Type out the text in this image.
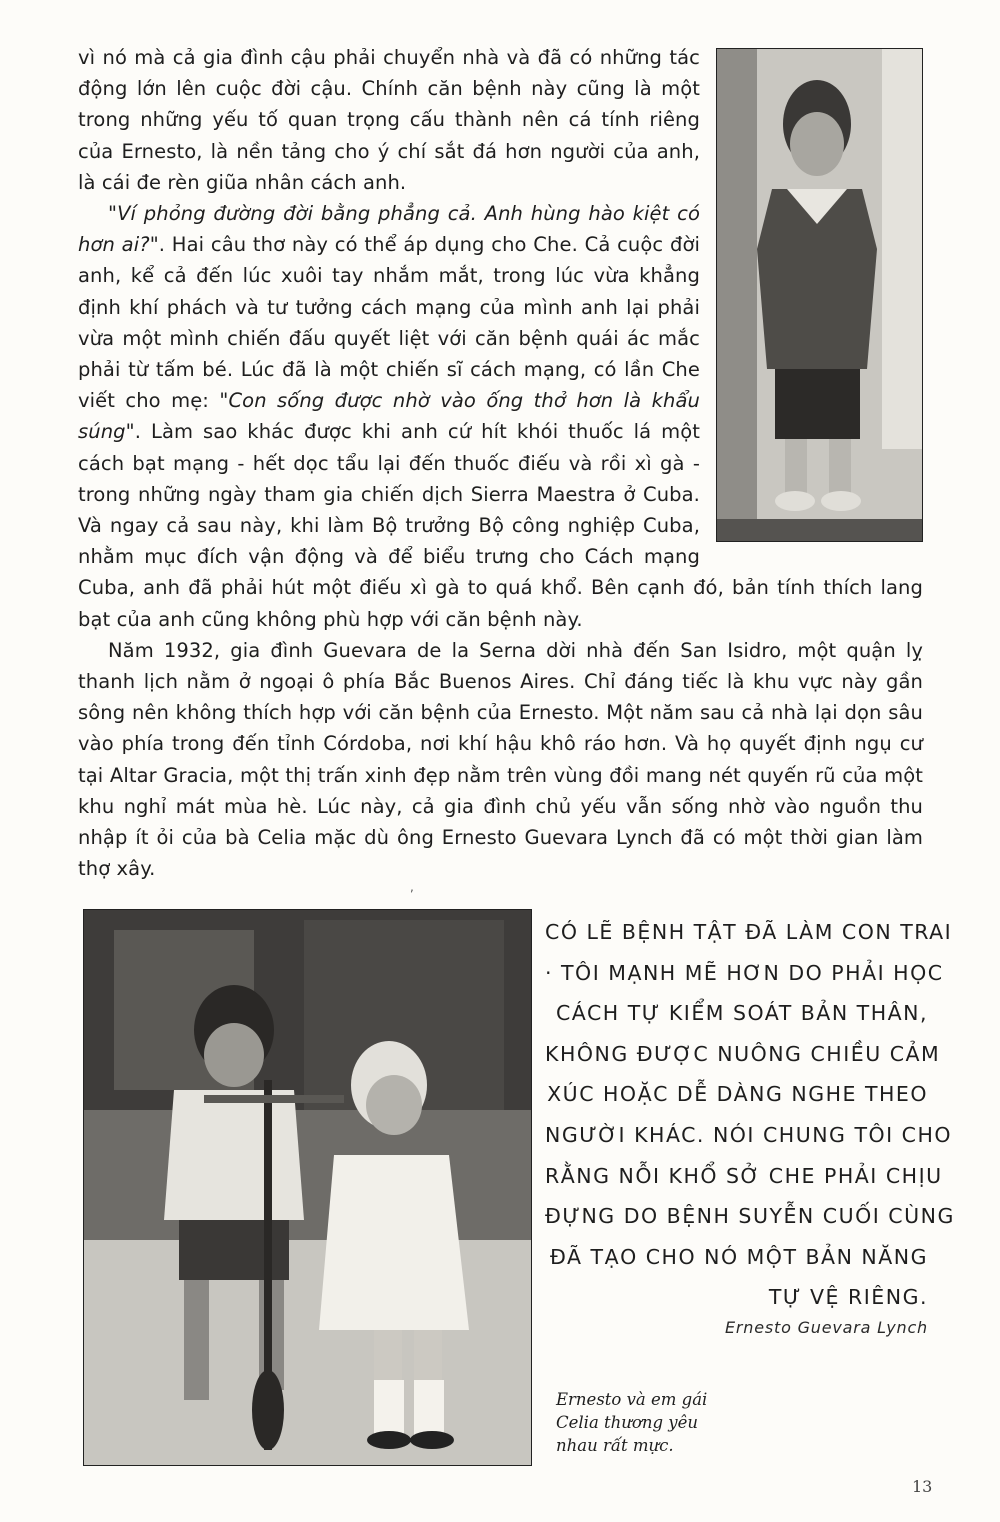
vì nó mà cả gia đình cậu phải chuyển nhà và đã có những tác động lớn lên cuộc đời cậu. Chính căn bệnh này cũng là một trong những yếu tố quan trọng cấu thành nên cá tính riêng của Ernesto, là nền tảng cho ý chí sắt đá hơn người của anh, là cái đe rèn giũa nhân cách anh.

"Ví phỏng đường đời bằng phẳng cả. Anh hùng hào kiệt có hơn ai?". Hai câu thơ này có thể áp dụng cho Che. Cả cuộc đời anh, kể cả đến lúc xuôi tay nhắm mắt, trong lúc vừa khẳng định khí phách và tư tưởng cách mạng của mình anh lại phải vừa một mình chiến đấu quyết liệt với căn bệnh quái ác mắc phải từ tấm bé. Lúc đã là một chiến sĩ cách mạng, có lần Che viết cho mẹ: "Con sống được nhờ vào ống thở hơn là khẩu súng". Làm sao khác được khi anh cứ hít khói thuốc lá một cách bạt mạng - hết dọc tẩu lại đến thuốc điếu và rồi xì gà - trong những ngày tham gia chiến dịch Sierra Maestra ở Cuba. Và ngay cả sau này, khi làm Bộ trưởng Bộ công nghiệp Cuba, nhằm mục đích vận động và để biểu trưng cho Cách mạng Cuba, anh đã phải hút một điếu xì gà to quá khổ. Bên cạnh đó, bản tính thích lang bạt của anh cũng không phù hợp với căn bệnh này.

Năm 1932, gia đình Guevara de la Serna dời nhà đến San Isidro, một quận lỵ thanh lịch nằm ở ngoại ô phía Bắc Buenos Aires. Chỉ đáng tiếc là khu vực này gần sông nên không thích hợp với căn bệnh của Ernesto. Một năm sau cả nhà lại dọn sâu vào phía trong đến tỉnh Córdoba, nơi khí hậu khô ráo hơn. Và họ quyết định ngụ cư tại Altar Gracia, một thị trấn xinh đẹp nằm trên vùng đồi mang nét quyến rũ của một khu nghỉ mát mùa hè. Lúc này, cả gia đình chủ yếu vẫn sống nhờ vào nguồn thu nhập ít ỏi của bà Celia mặc dù ông Ernesto Guevara Lynch đã có một thời gian làm thợ xây.

,
CÓ LẼ BỆNH TẬT ĐÃ LÀM CON TRAI
· TÔI MẠNH MẼ HƠN DO PHẢI HỌC
CÁCH TỰ KIỂM SOÁT BẢN THÂN,
KHÔNG ĐƯỢC NUÔNG CHIỀU CẢM
XÚC HOẶC DỄ DÀNG NGHE THEO
NGƯỜI KHÁC. NÓI CHUNG TÔI CHO
RẰNG NỖI KHỔ SỞ CHE PHẢI CHỊU
ĐỰNG DO BỆNH SUYỄN CUỐI CÙNG
ĐÃ TẠO CHO NÓ MỘT BẢN NĂNG
TỰ VỆ RIÊNG.
Ernesto Guevara Lynch
Ernesto và em gái
Celia thương yêu
nhau rất mực.
13
